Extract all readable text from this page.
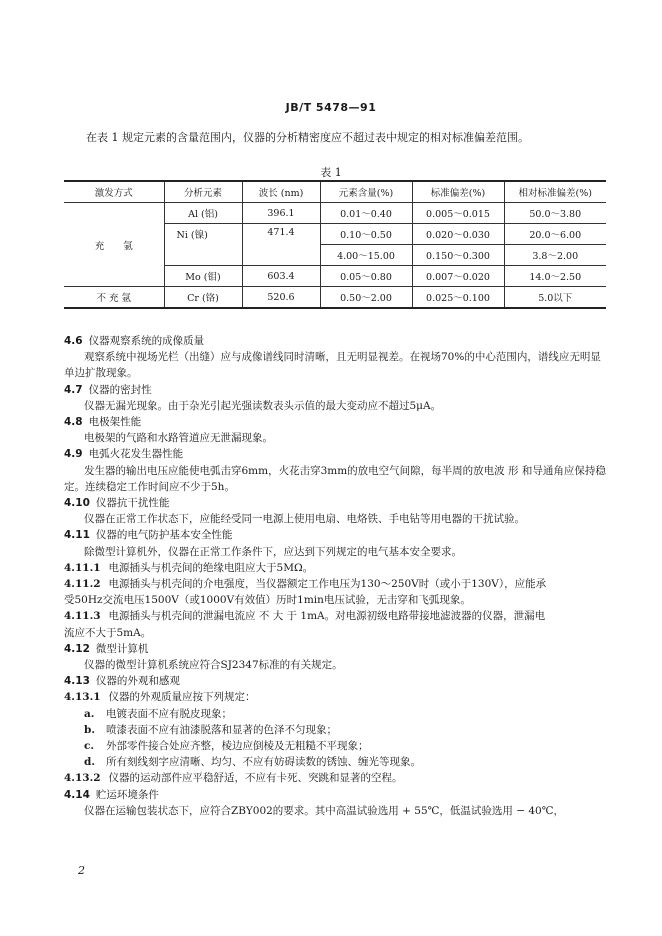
JB/T 5478—91
在表 1 规定元素的含量范围内，仪器的分析精密度应不超过表中规定的相对标准偏差范围。
表 1
激发方式	分析元素	波长 (nm)	元素含量(%)	标准偏差(%)	相对标准偏差(%)
充　　氩	Al (铝)	396.1	0.01～0.40	0.005～0.015	50.0～3.80
	Ni (镍)	471.4	0.10～0.50	0.020～0.030	20.0～6.00
			4.00～15.00	0.150～0.300	3.8～2.00
	Mo (钼)	603.4	0.05～0.80	0.007～0.020	14.0～2.50
不 充 氩	Cr (铬)	520.6	0.50～2.00	0.025～0.100	5.0以下
4.6 仪器观察系统的成像质量
观察系统中视场光栏（出缝）应与成像谱线同时清晰，且无明显视差。在视场70%的中心范围内，谱线应无明显单边扩散现象。
4.7 仪器的密封性
仪器无漏光现象。由于杂光引起光强读数表头示值的最大变动应不超过5μA。
4.8 电极架性能
电极架的气路和水路管道应无泄漏现象。
4.9 电弧火花发生器性能
发生器的输出电压应能使电弧击穿6mm，火花击穿3mm的放电空气间隙，每半周的放电波 形 和导通角应保持稳定。连续稳定工作时间应不少于5h。
4.10 仪器抗干扰性能
仪器在正常工作状态下，应能经受同一电源上使用电扇、电烙铁、手电钻等用电器的干扰试验。
4.11 仪器的电气防护基本安全性能
除微型计算机外，仪器在正常工作条件下，应达到下列规定的电气基本安全要求。
4.11.1 电源插头与机壳间的绝缘电阻应大于5MΩ。
4.11.2 电源插头与机壳间的介电强度，当仪器额定工作电压为130～250V时（或小于130V），应能承
受50Hz交流电压1500V（或1000V有效值）历时1min电压试验，无击穿和飞弧现象。
4.11.3 电源插头与机壳间的泄漏电流应 不 大 于 1mA。对电源初级电路带接地滤波器的仪器，泄漏电
流应不大于5mA。
4.12 微型计算机
仪器的微型计算机系统应符合SJ2347标准的有关规定。
4.13 仪器的外观和感观
4.13.1 仪器的外观质量应按下列规定：
a. 电镀表面不应有脱皮现象；
b. 喷漆表面不应有油漆脱落和显著的色泽不匀现象；
c. 外部零件接合处应齐整，棱边应倒棱及无粗糙不平现象；
d. 所有刻线刻字应清晰、均匀、不应有妨碍读数的锈蚀、缠光等现象。
4.13.2 仪器的运动部件应平稳舒适，不应有卡死、突跳和显著的空程。
4.14 贮运环境条件
仪器在运输包装状态下，应符合ZBY002的要求。其中高温试验选用 + 55℃，低温试验选用 − 40℃，
2
